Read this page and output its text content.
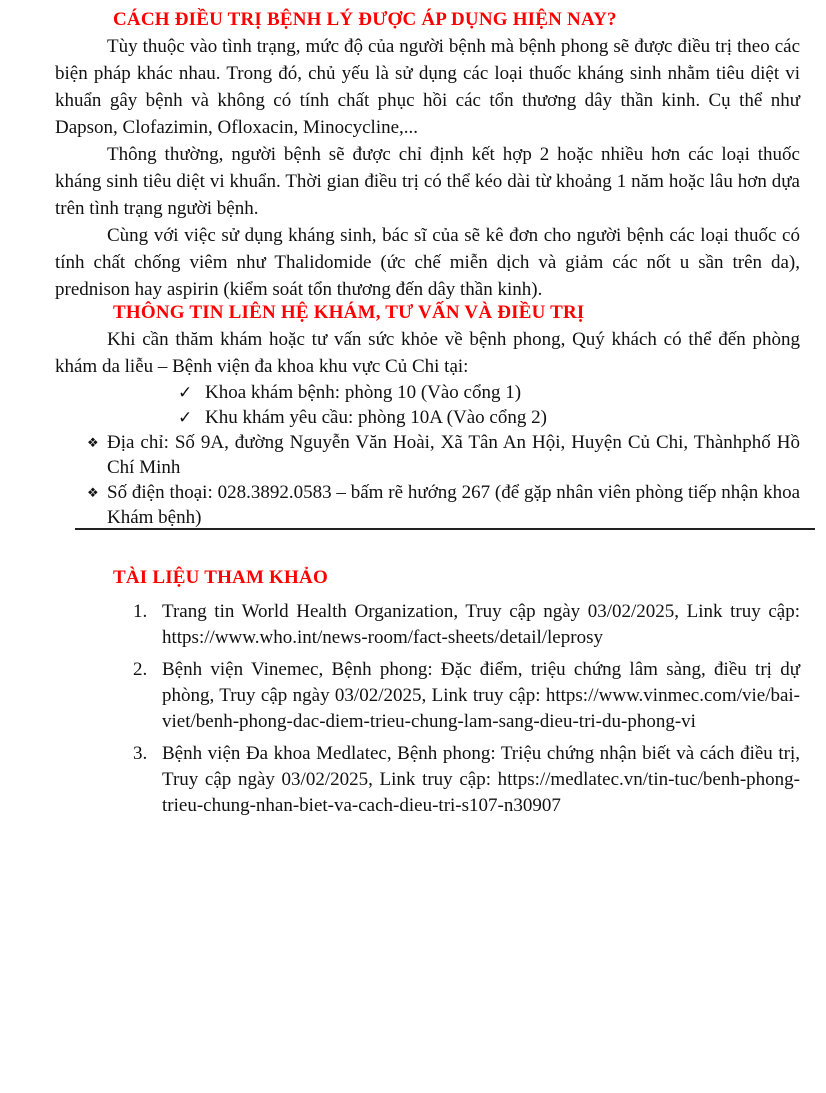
CÁCH ĐIỀU TRỊ BỆNH LÝ ĐƯỢC ÁP DỤNG HIỆN NAY?

Tùy thuộc vào tình trạng, mức độ của người bệnh mà bệnh phong sẽ được điều trị theo các biện pháp khác nhau. Trong đó, chủ yếu là sử dụng các loại thuốc kháng sinh nhằm tiêu diệt vi khuẩn gây bệnh và không có tính chất phục hồi các tổn thương dây thần kinh. Cụ thể như Dapson, Clofazimin, Ofloxacin, Minocycline,...

Thông thường, người bệnh sẽ được chỉ định kết hợp 2 hoặc nhiều hơn các loại thuốc kháng sinh tiêu diệt vi khuẩn. Thời gian điều trị có thể kéo dài từ khoảng 1 năm hoặc lâu hơn dựa trên tình trạng người bệnh.

Cùng với việc sử dụng kháng sinh, bác sĩ của sẽ kê đơn cho người bệnh các loại thuốc có tính chất chống viêm như Thalidomide (ức chế miễn dịch và giảm các nốt u sần trên da), prednison hay aspirin (kiểm soát tổn thương đến dây thần kinh).

THÔNG TIN LIÊN HỆ KHÁM, TƯ VẤN VÀ ĐIỀU TRỊ

Khi cần thăm khám hoặc tư vấn sức khỏe về bệnh phong, Quý khách có thể đến phòng khám da liễu – Bệnh viện đa khoa khu vực Củ Chi tại:

✓ Khoa khám bệnh: phòng 10 (Vào cổng 1)
✓ Khu khám yêu cầu: phòng 10A (Vào cổng 2)
❖ Địa chỉ: Số 9A, đường Nguyễn Văn Hoài, Xã Tân An Hội, Huyện Củ Chi, Thànhphố Hồ Chí Minh
❖ Số điện thoại: 028.3892.0583 – bấm rẽ hướng 267 (để gặp nhân viên phòng tiếp nhận khoa Khám bệnh)
TÀI LIỆU THAM KHẢO
1. Trang tin World Health Organization, Truy cập ngày 03/02/2025, Link truy cập: https://www.who.int/news-room/fact-sheets/detail/leprosy
2. Bệnh viện Vinemec, Bệnh phong: Đặc điểm, triệu chứng lâm sàng, điều trị dự phòng, Truy cập ngày 03/02/2025, Link truy cập: https://www.vinmec.com/vie/bai-viet/benh-phong-dac-diem-trieu-chung-lam-sang-dieu-tri-du-phong-vi
3. Bệnh viện Đa khoa Medlatec, Bệnh phong: Triệu chứng nhận biết và cách điều trị, Truy cập ngày 03/02/2025, Link truy cập: https://medlatec.vn/tin-tuc/benh-phong-trieu-chung-nhan-biet-va-cach-dieu-tri-s107-n30907
